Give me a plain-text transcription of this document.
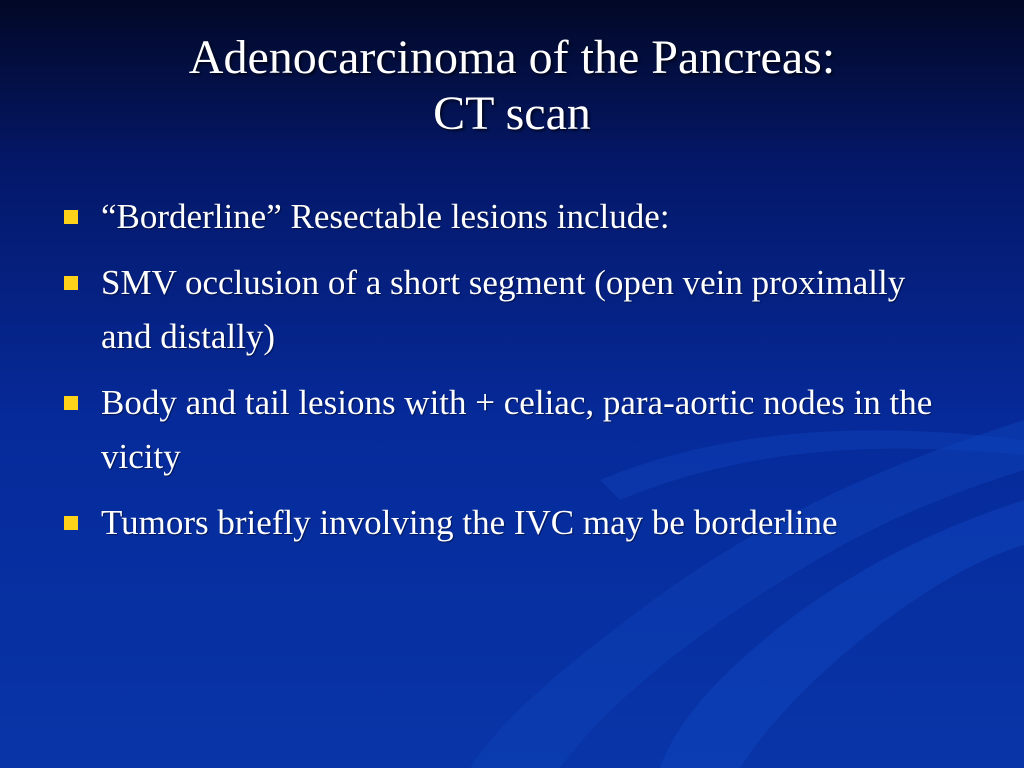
Adenocarcinoma of the Pancreas:
CT scan
“Borderline” Resectable lesions include:
SMV occlusion of a short segment (open vein proximally and distally)
Body and tail lesions with + celiac, para-aortic nodes in the vicity
Tumors briefly involving the IVC may be borderline
